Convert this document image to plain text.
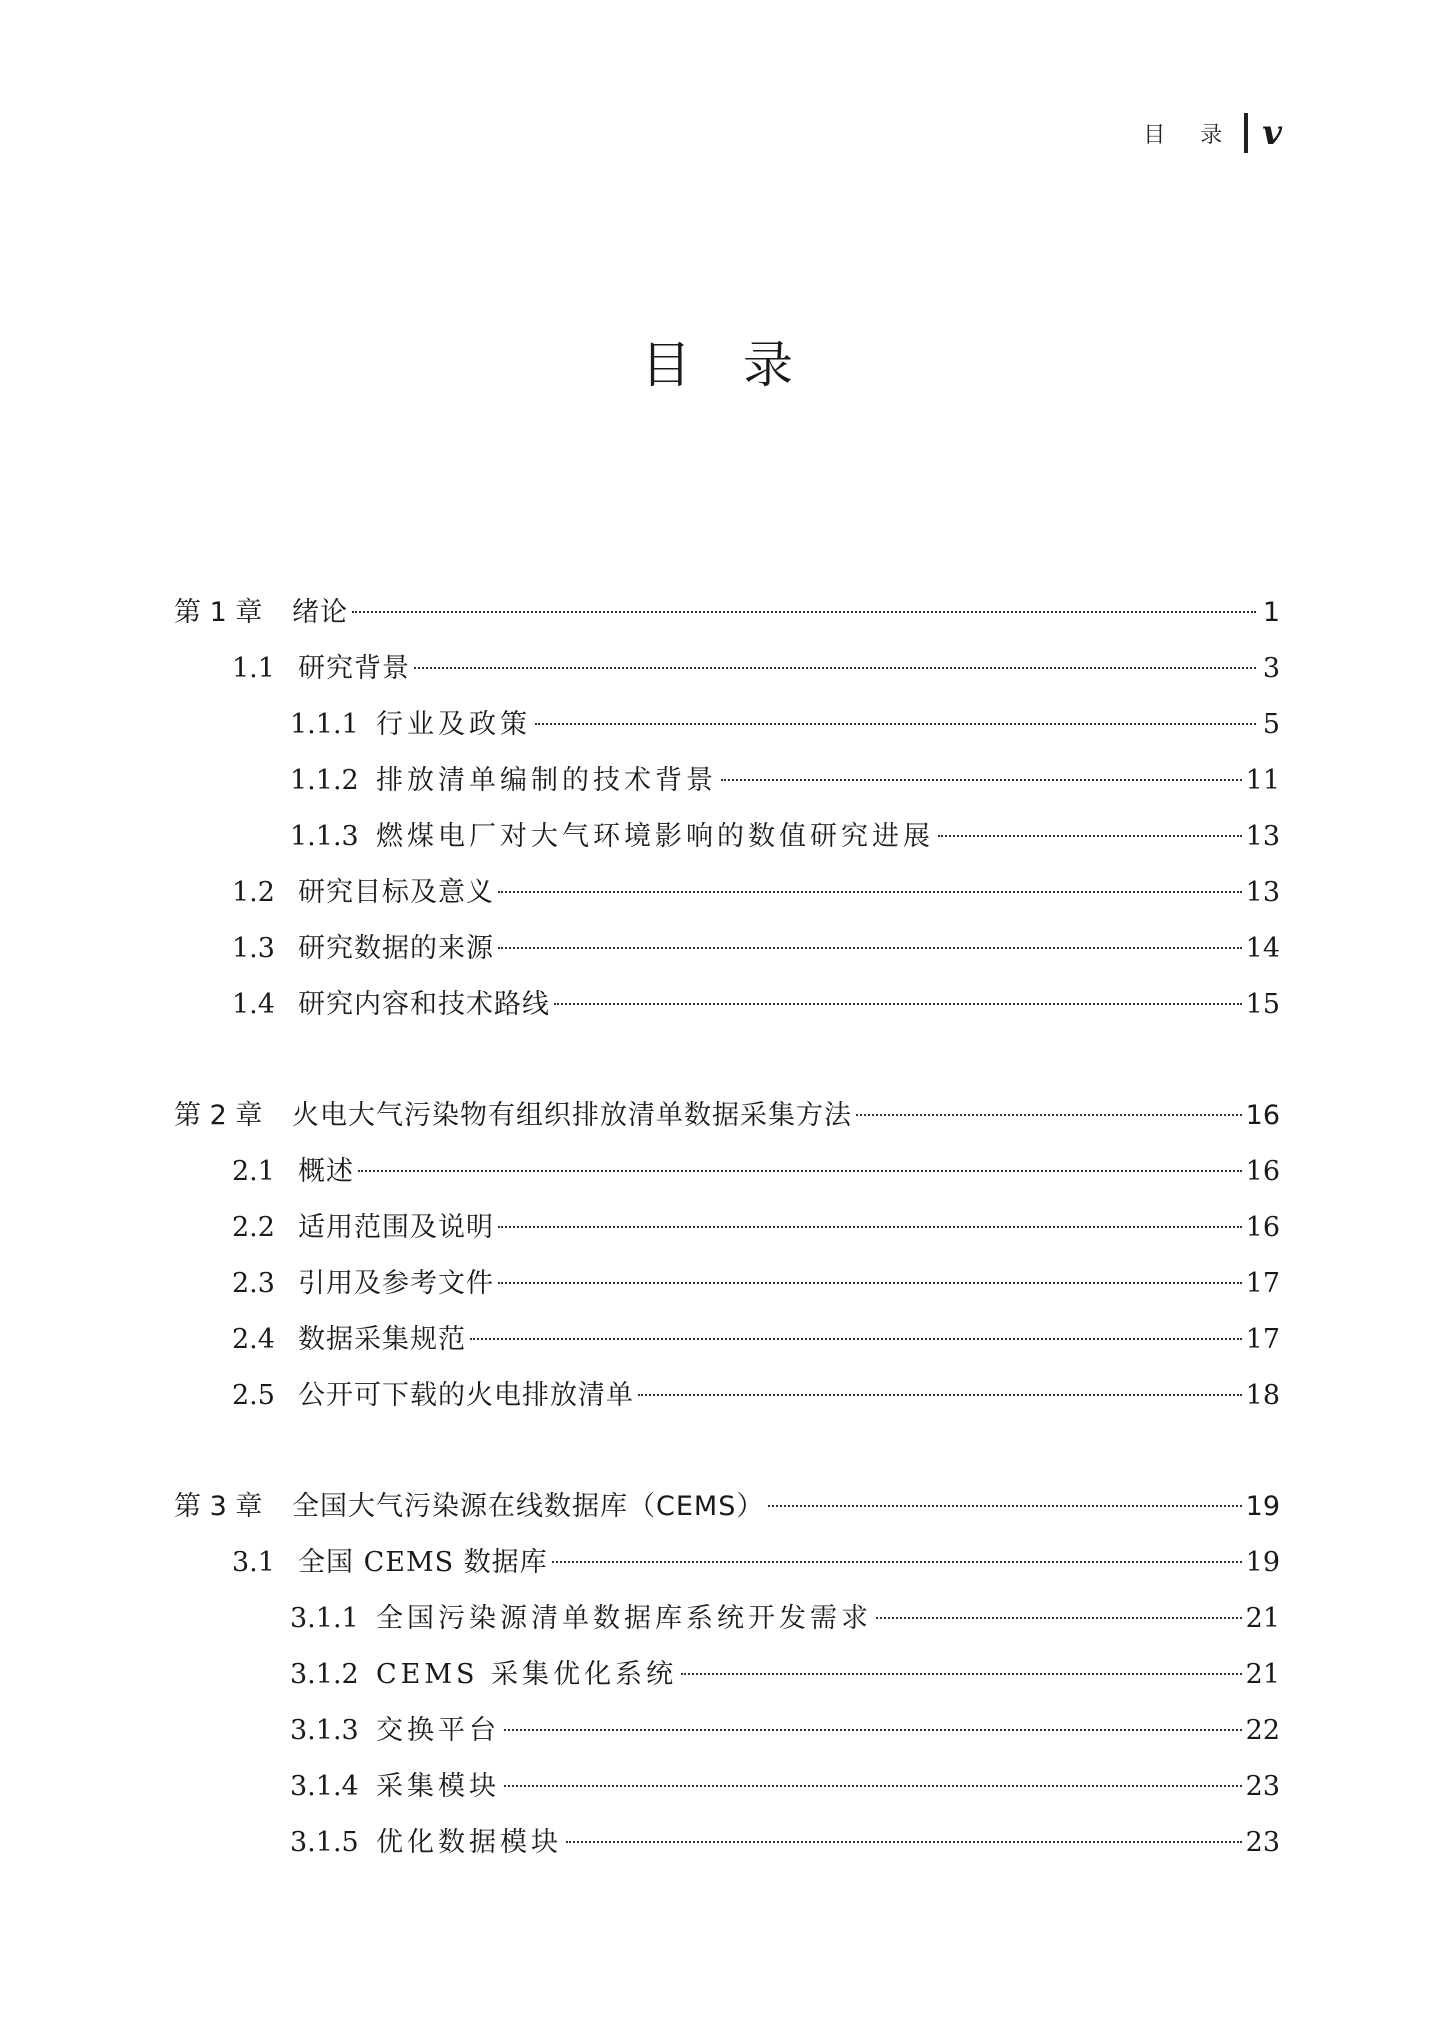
目 录 v
目录
第 1 章	绪论	1
1.1 研究背景	3
1.1.1 行业及政策	5
1.1.2 排放清单编制的技术背景	11
1.1.3 燃煤电厂对大气环境影响的数值研究进展	13
1.2 研究目标及意义	13
1.3 研究数据的来源	14
1.4 研究内容和技术路线	15
第 2 章	火电大气污染物有组织排放清单数据采集方法	16
2.1 概述	16
2.2 适用范围及说明	16
2.3 引用及参考文件	17
2.4 数据采集规范	17
2.5 公开可下载的火电排放清单	18
第 3 章	全国大气污染源在线数据库（CEMS）	19
3.1 全国 CEMS 数据库	19
3.1.1 全国污染源清单数据库系统开发需求	21
3.1.2 CEMS 采集优化系统	21
3.1.3 交换平台	22
3.1.4 采集模块	23
3.1.5 优化数据模块	23
